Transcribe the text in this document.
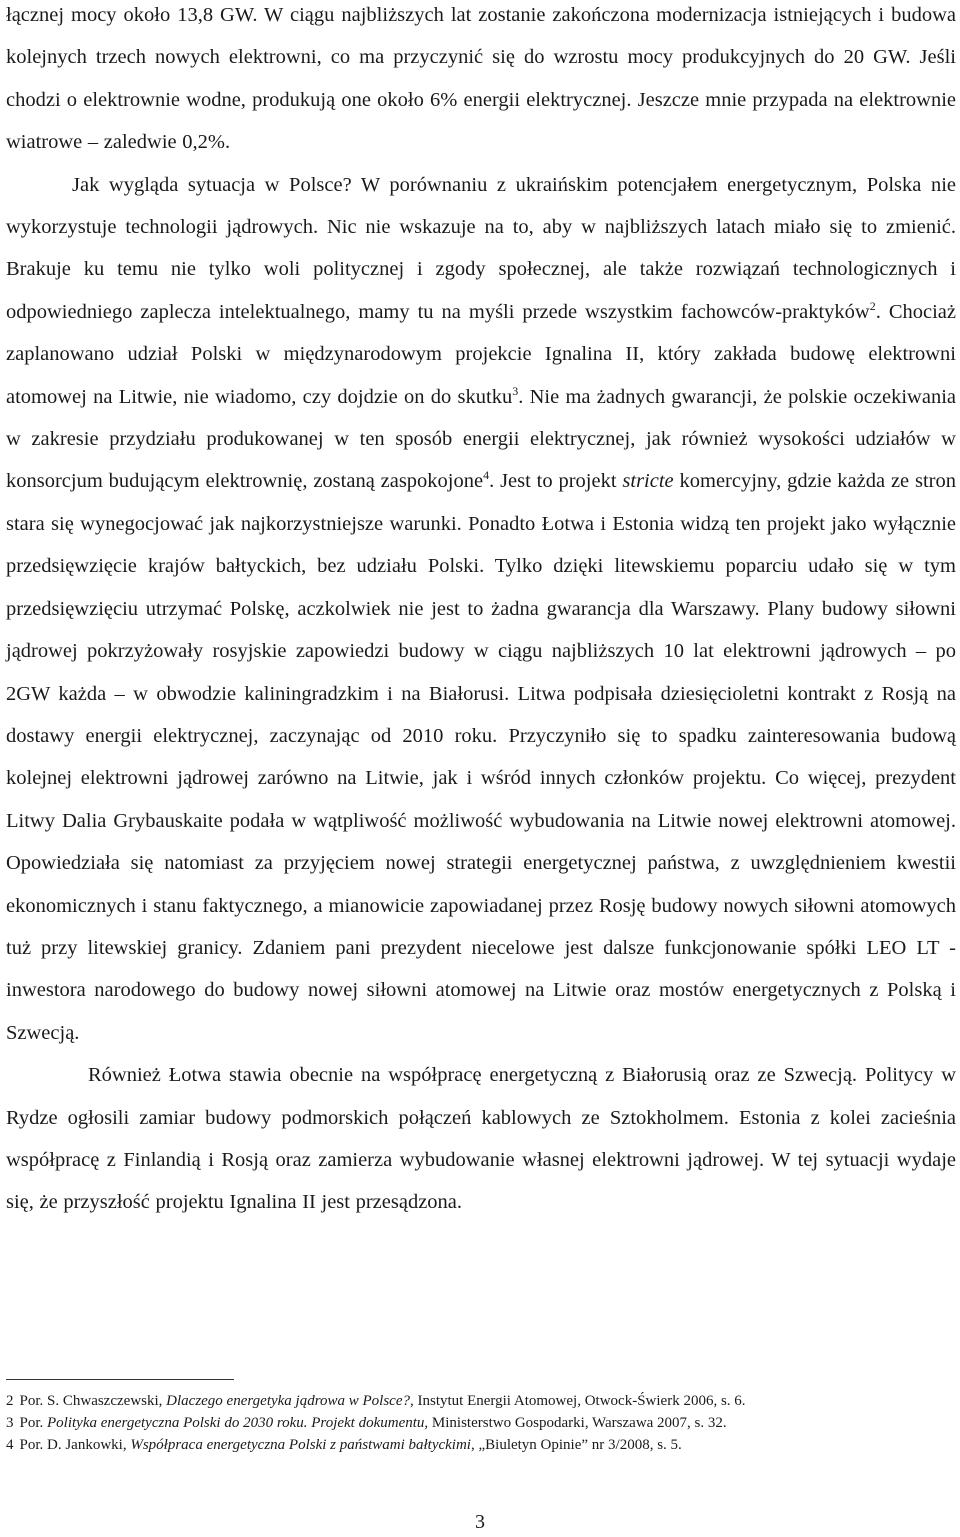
łącznej mocy około 13,8 GW. W ciągu najbliższych lat zostanie zakończona modernizacja istniejących i budowa kolejnych trzech nowych elektrowni, co ma przyczynić się do wzrostu mocy produkcyjnych do 20 GW. Jeśli chodzi o elektrownie wodne, produkują one około 6% energii elektrycznej. Jeszcze mnie przypada na elektrownie wiatrowe – zaledwie 0,2%.

Jak wygląda sytuacja w Polsce? W porównaniu z ukraińskim potencjałem energetycznym, Polska nie wykorzystuje technologii jądrowych. Nic nie wskazuje na to, aby w najbliższych latach miało się to zmienić. Brakuje ku temu nie tylko woli politycznej i zgody społecznej, ale także rozwiązań technologicznych i odpowiedniego zaplecza intelektualnego, mamy tu na myśli przede wszystkim fachowców-praktyków$^2$. Chociaż zaplanowano udział Polski w międzynarodowym projekcie Ignalina II, który zakłada budowę elektrowni atomowej na Litwie, nie wiadomo, czy dojdzie on do skutku$^3$. Nie ma żadnych gwarancji, że polskie oczekiwania w zakresie przydziału produkowanej w ten sposób energii elektrycznej, jak również wysokości udziałów w konsorcjum budującym elektrownię, zostaną zaspokojone$^4$. Jest to projekt stricte komercyjny, gdzie każda ze stron stara się wynegocjować jak najkorzystniejsze warunki. Ponadto Łotwa i Estonia widzą ten projekt jako wyłącznie przedsięwzięcie krajów bałtyckich, bez udziału Polski. Tylko dzięki litewskiemu poparciu udało się w tym przedsięwzięciu utrzymać Polskę, aczkolwiek nie jest to żadna gwarancja dla Warszawy. Plany budowy siłowni jądrowej pokrzyżowały rosyjskie zapowiedzi budowy w ciągu najbliższych 10 lat elektrowni jądrowych – po 2GW każda – w obwodzie kaliningradzkim i na Białorusi. Litwa podpisała dziesięcioletni kontrakt z Rosją na dostawy energii elektrycznej, zaczynając od 2010 roku. Przyczyniło się to spadku zainteresowania budową kolejnej elektrowni jądrowej zarówno na Litwie, jak i wśród innych członków projektu. Co więcej, prezydent Litwy Dalia Grybauskaite podała w wątpliwość możliwość wybudowania na Litwie nowej elektrowni atomowej. Opowiedziała się natomiast za przyjęciem nowej strategii energetycznej państwa, z uwzględnieniem kwestii ekonomicznych i stanu faktycznego, a mianowicie zapowiadanej przez Rosję budowy nowych siłowni atomowych tuż przy litewskiej granicy. Zdaniem pani prezydent niecelowe jest dalsze funkcjonowanie spółki LEO LT - inwestora narodowego do budowy nowej siłowni atomowej na Litwie oraz mostów energetycznych z Polską i Szwecją.

Również Łotwa stawia obecnie na współpracę energetyczną z Białorusią oraz ze Szwecją. Politycy w Rydze ogłosili zamiar budowy podmorskich połączeń kablowych ze Sztokholmem. Estonia z kolei zacieśnia współpracę z Finlandią i Rosją oraz zamierza wybudowanie własnej elektrowni jądrowej. W tej sytuacji wydaje się, że przyszłość projektu Ignalina II jest przesądzona.

2 Por. S. Chwaszczewski, Dlaczego energetyka jądrowa w Polsce?, Instytut Energii Atomowej, Otwock-Świerk 2006, s. 6.
3 Por. Polityka energetyczna Polski do 2030 roku. Projekt dokumentu, Ministerstwo Gospodarki, Warszawa 2007, s. 32.
4 Por. D. Jankowki, Współpraca energetyczna Polski z państwami bałtyckimi, „Biuletyn Opinie” nr 3/2008, s. 5.
3
